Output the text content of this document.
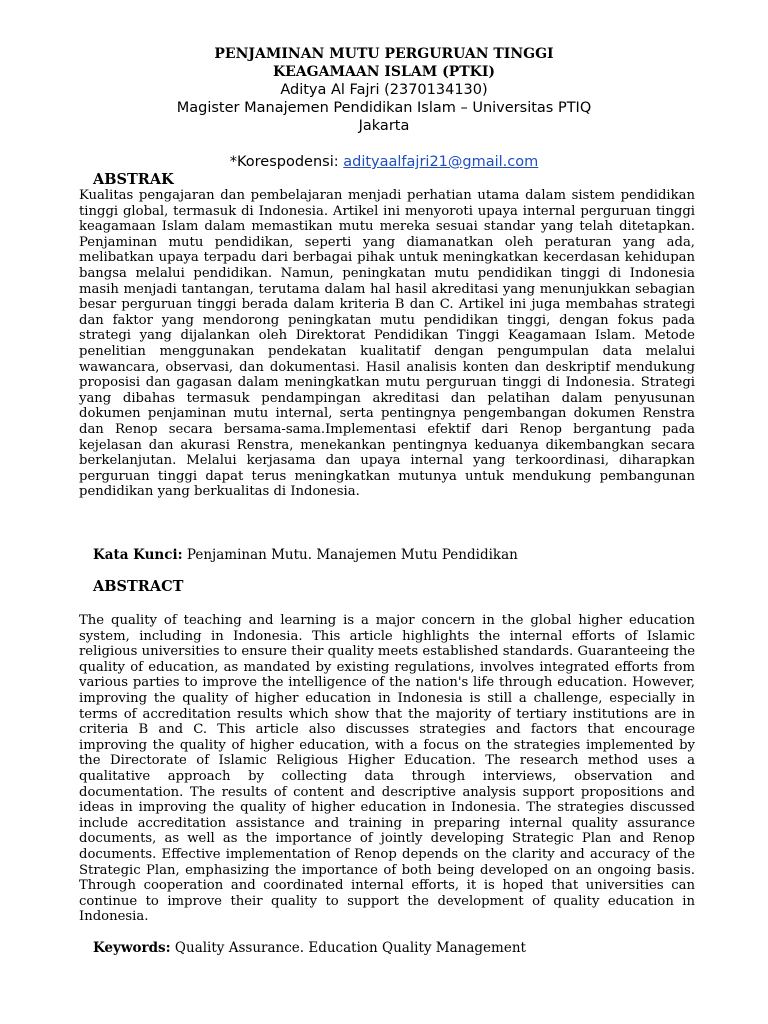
PENJAMINAN MUTU PERGURUAN TINGGI
KEAGAMAAN ISLAM (PTKI)
Aditya Al Fajri (2370134130)
Magister Manajemen Pendidikan Islam – Universitas PTIQ
Jakarta
*Korespodensi: adityaalfajri21@gmail.com
ABSTRAK
Kualitas pengajaran dan pembelajaran menjadi perhatian utama dalam sistem pendidikan tinggi global, termasuk di Indonesia. Artikel ini menyoroti upaya internal perguruan tinggi keagamaan Islam dalam memastikan mutu mereka sesuai standar yang telah ditetapkan. Penjaminan mutu pendidikan, seperti yang diamanatkan oleh peraturan yang ada, melibatkan upaya terpadu dari berbagai pihak untuk meningkatkan kecerdasan kehidupan bangsa melalui pendidikan. Namun, peningkatan mutu pendidikan tinggi di Indonesia masih menjadi tantangan, terutama dalam hal hasil akreditasi yang menunjukkan sebagian besar perguruan tinggi berada dalam kriteria B dan C. Artikel ini juga membahas strategi dan faktor yang mendorong peningkatan mutu pendidikan tinggi, dengan fokus pada strategi yang dijalankan oleh Direktorat Pendidikan Tinggi Keagamaan Islam. Metode penelitian menggunakan pendekatan kualitatif dengan pengumpulan data melalui wawancara, observasi, dan dokumentasi. Hasil analisis konten dan deskriptif mendukung proposisi dan gagasan dalam meningkatkan mutu perguruan tinggi di Indonesia. Strategi yang dibahas termasuk pendampingan akreditasi dan pelatihan dalam penyusunan dokumen penjaminan mutu internal, serta pentingnya pengembangan dokumen Renstra dan Renop secara bersama-sama.Implementasi efektif dari Renop bergantung pada kejelasan dan akurasi Renstra, menekankan pentingnya keduanya dikembangkan secara berkelanjutan. Melalui kerjasama dan upaya internal yang terkoordinasi, diharapkan perguruan tinggi dapat terus meningkatkan mutunya untuk mendukung pembangunan pendidikan yang berkualitas di Indonesia.
Kata Kunci: Penjaminan Mutu. Manajemen Mutu Pendidikan
ABSTRACT
The quality of teaching and learning is a major concern in the global higher education system, including in Indonesia. This article highlights the internal efforts of Islamic religious universities to ensure their quality meets established standards. Guaranteeing the quality of education, as mandated by existing regulations, involves integrated efforts from various parties to improve the intelligence of the nation's life through education. However, improving the quality of higher education in Indonesia is still a challenge, especially in terms of accreditation results which show that the majority of tertiary institutions are in criteria B and C. This article also discusses strategies and factors that encourage improving the quality of higher education, with a focus on the strategies implemented by the Directorate of Islamic Religious Higher Education. The research method uses a qualitative approach by collecting data through interviews, observation and documentation. The results of content and descriptive analysis support propositions and ideas in improving the quality of higher education in Indonesia. The strategies discussed include accreditation assistance and training in preparing internal quality assurance documents, as well as the importance of jointly developing Strategic Plan and Renop documents. Effective implementation of Renop depends on the clarity and accuracy of the Strategic Plan, emphasizing the importance of both being developed on an ongoing basis. Through cooperation and coordinated internal efforts, it is hoped that universities can continue to improve their quality to support the development of quality education in Indonesia.
Keywords: Quality Assurance. Education Quality Management
